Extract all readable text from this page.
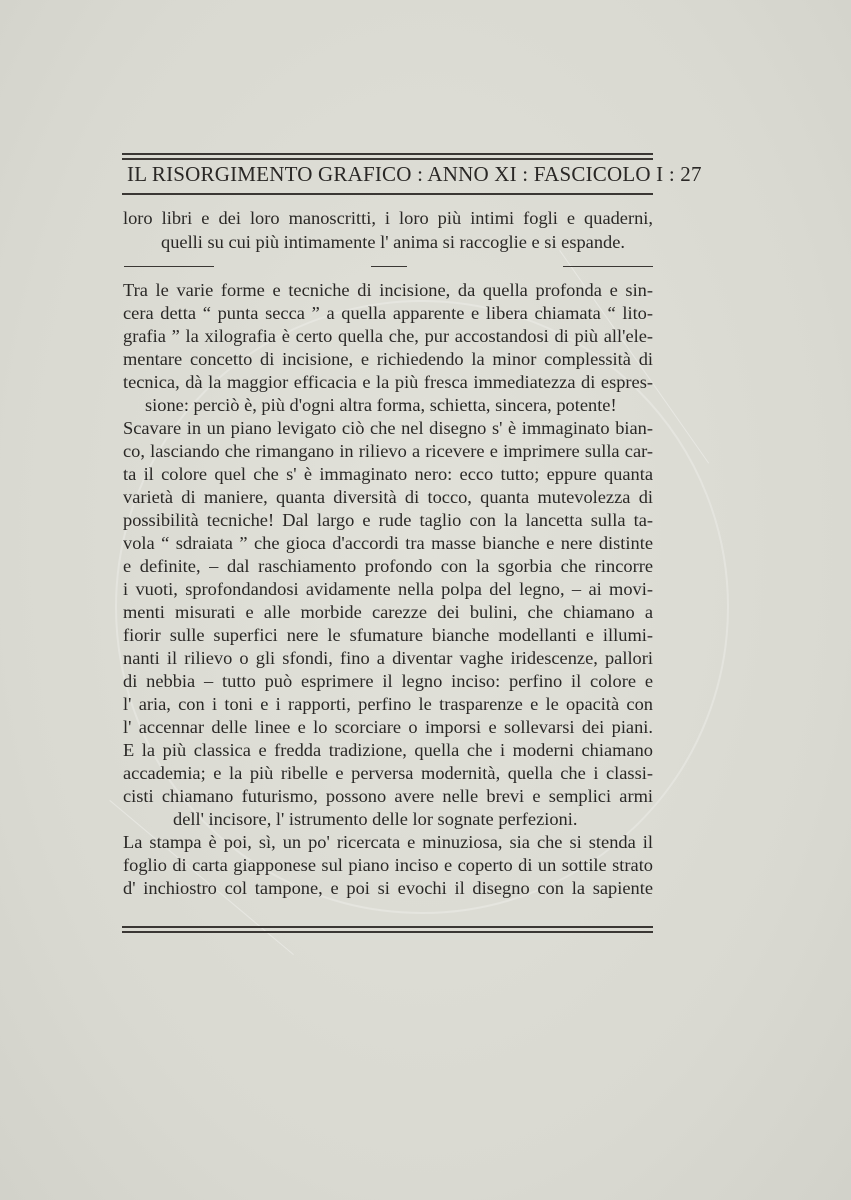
IL RISORGIMENTO GRAFICO : ANNO XI : FASCICOLO I : 27
loro libri e dei loro manoscritti, i loro più intimi fogli e quaderni,
quelli su cui più intimamente l' anima si raccoglie e si espande.
Tra le varie forme e tecniche di incisione, da quella profonda e sin-
cera detta “ punta secca ” a quella apparente e libera chiamata “ lito-
grafia ” la xilografia è certo quella che, pur accostandosi di più all'ele-
mentare concetto di incisione, e richiedendo la minor complessità di
tecnica, dà la maggior efficacia e la più fresca immediatezza di espres-
sione: perciò è, più d'ogni altra forma, schietta, sincera, potente!
Scavare in un piano levigato ciò che nel disegno s' è immaginato bian-
co, lasciando che rimangano in rilievo a ricevere e imprimere sulla car-
ta il colore quel che s' è immaginato nero: ecco tutto; eppure quanta
varietà di maniere, quanta diversità di tocco, quanta mutevolezza di
possibilità tecniche! Dal largo e rude taglio con la lancetta sulla ta-
vola “ sdraiata ” che gioca d'accordi tra masse bianche e nere distinte
e definite, – dal raschiamento profondo con la sgorbia che rincorre
i vuoti, sprofondandosi avidamente nella polpa del legno, – ai movi-
menti misurati e alle morbide carezze dei bulini, che chiamano a
fiorir sulle superfici nere le sfumature bianche modellanti e illumi-
nanti il rilievo o gli sfondi, fino a diventar vaghe iridescenze, pallori
di nebbia – tutto può esprimere il legno inciso: perfino il colore e
l' aria, con i toni e i rapporti, perfino le trasparenze e le opacità con
l' accennar delle linee e lo scorciare o imporsi e sollevarsi dei piani.
E la più classica e fredda tradizione, quella che i moderni chiamano
accademia; e la più ribelle e perversa modernità, quella che i classi-
cisti chiamano futurismo, possono avere nelle brevi e semplici armi
dell' incisore, l' istrumento delle lor sognate perfezioni.
La stampa è poi, sì, un po' ricercata e minuziosa, sia che si stenda il
foglio di carta giapponese sul piano inciso e coperto di un sottile strato
d' inchiostro col tampone, e poi si evochi il disegno con la sapiente
